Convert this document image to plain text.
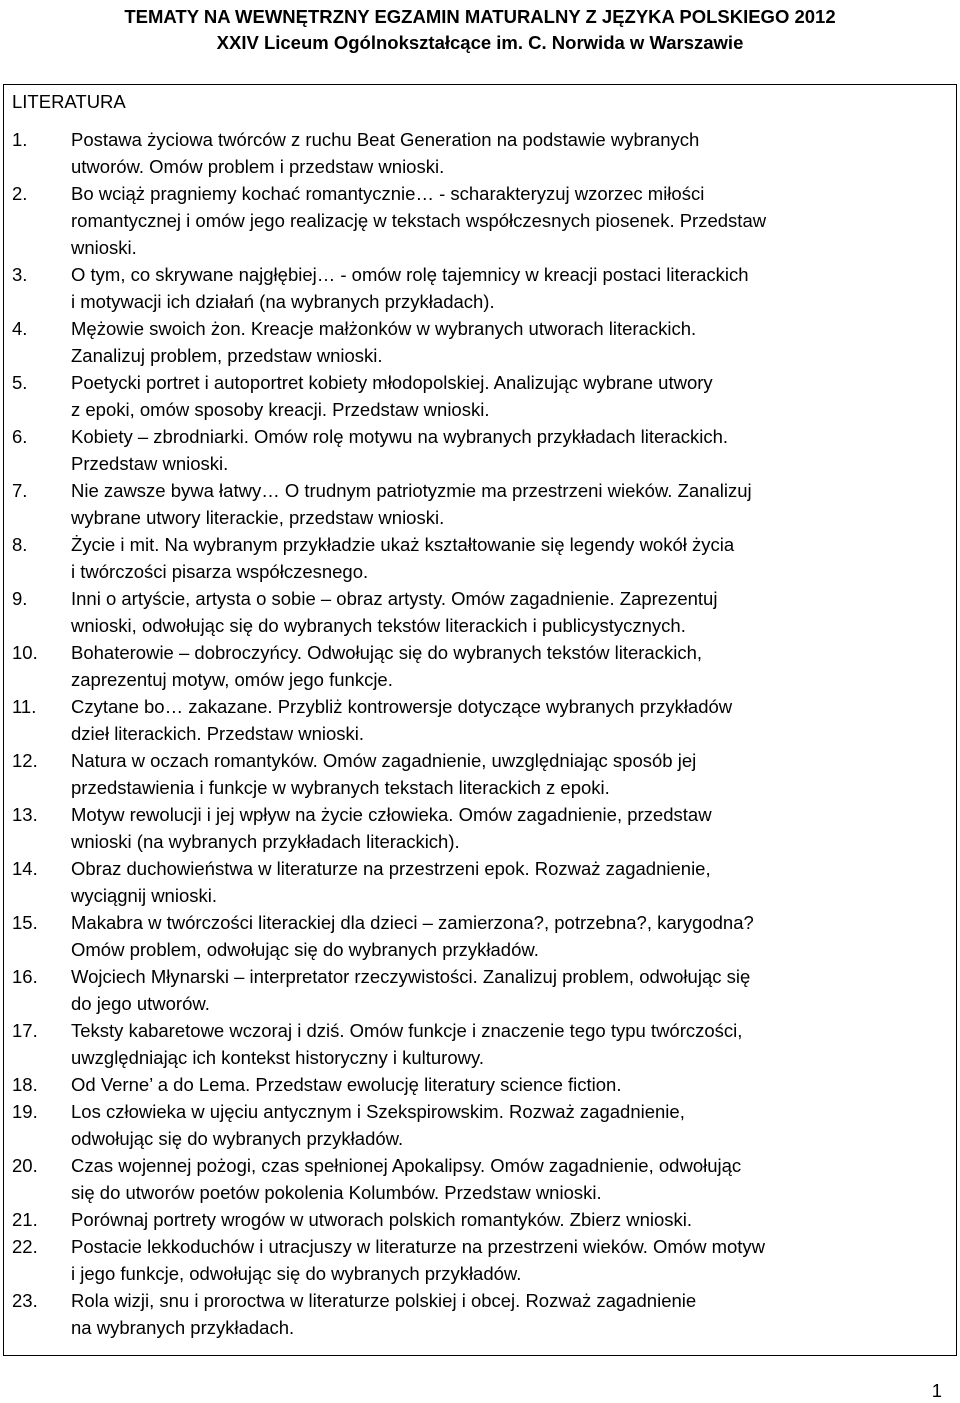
TEMATY NA WEWNĘTRZNY EGZAMIN MATURALNY Z JĘZYKA POLSKIEGO 2012
XXIV Liceum Ogólnokształcące im. C. Norwida w Warszawie
LITERATURA
1. Postawa życiowa twórców z ruchu Beat Generation na podstawie wybranych
utworów. Omów problem i przedstaw wnioski.
2. Bo wciąż pragniemy kochać romantycznie… - scharakteryzuj wzorzec miłości
romantycznej i omów jego realizację w tekstach współczesnych piosenek. Przedstaw
wnioski.
3. O tym, co skrywane najgłębiej… - omów rolę tajemnicy w kreacji postaci literackich
i motywacji ich działań (na wybranych przykładach).
4. Mężowie swoich żon. Kreacje małżonków w wybranych utworach literackich.
Zanalizuj problem, przedstaw wnioski.
5. Poetycki portret i autoportret kobiety młodopolskiej. Analizując wybrane utwory
z epoki, omów sposoby kreacji. Przedstaw wnioski.
6. Kobiety – zbrodniarki. Omów rolę motywu na wybranych przykładach literackich.
Przedstaw wnioski.
7. Nie zawsze bywa łatwy… O trudnym patriotyzmie ma przestrzeni wieków. Zanalizuj
wybrane utwory literackie, przedstaw wnioski.
8. Życie i mit. Na wybranym przykładzie ukaż kształtowanie się legendy wokół życia
i twórczości pisarza współczesnego.
9. Inni o artyście, artysta o sobie – obraz artysty. Omów zagadnienie. Zaprezentuj
wnioski, odwołując się do wybranych tekstów literackich i publicystycznych.
10. Bohaterowie – dobroczyńcy. Odwołując się do wybranych tekstów literackich,
zaprezentuj motyw, omów jego funkcje.
11. Czytane bo… zakazane. Przybliż kontrowersje dotyczące wybranych przykładów
dzieł literackich. Przedstaw wnioski.
12. Natura w oczach romantyków. Omów zagadnienie, uwzględniając sposób jej
przedstawienia i funkcje w wybranych tekstach literackich z epoki.
13. Motyw rewolucji i jej wpływ na życie człowieka. Omów zagadnienie, przedstaw
wnioski (na wybranych przykładach literackich).
14. Obraz duchowieństwa w literaturze na przestrzeni epok. Rozważ zagadnienie,
wyciągnij wnioski.
15. Makabra w twórczości literackiej dla dzieci – zamierzona?, potrzebna?, karygodna?
Omów problem, odwołując się do wybranych przykładów.
16. Wojciech Młynarski – interpretator rzeczywistości. Zanalizuj problem, odwołując się
do jego utworów.
17. Teksty kabaretowe wczoraj i dziś. Omów funkcje i znaczenie tego typu twórczości,
uwzględniając ich kontekst historyczny i kulturowy.
18. Od Verne’ a do Lema. Przedstaw ewolucję literatury science fiction.
19. Los człowieka w ujęciu antycznym i Szekspirowskim. Rozważ zagadnienie,
odwołując się do wybranych przykładów.
20. Czas wojennej pożogi, czas spełnionej Apokalipsy. Omów zagadnienie, odwołując
się do utworów poetów pokolenia Kolumbów. Przedstaw wnioski.
21. Porównaj portrety wrogów w utworach polskich romantyków. Zbierz wnioski.
22. Postacie lekkoduchów i utracjuszy w literaturze na przestrzeni wieków. Omów motyw
i jego funkcje, odwołując się do wybranych przykładów.
23. Rola wizji, snu i proroctwa w literaturze polskiej i obcej. Rozważ zagadnienie
na wybranych przykładach.
1
